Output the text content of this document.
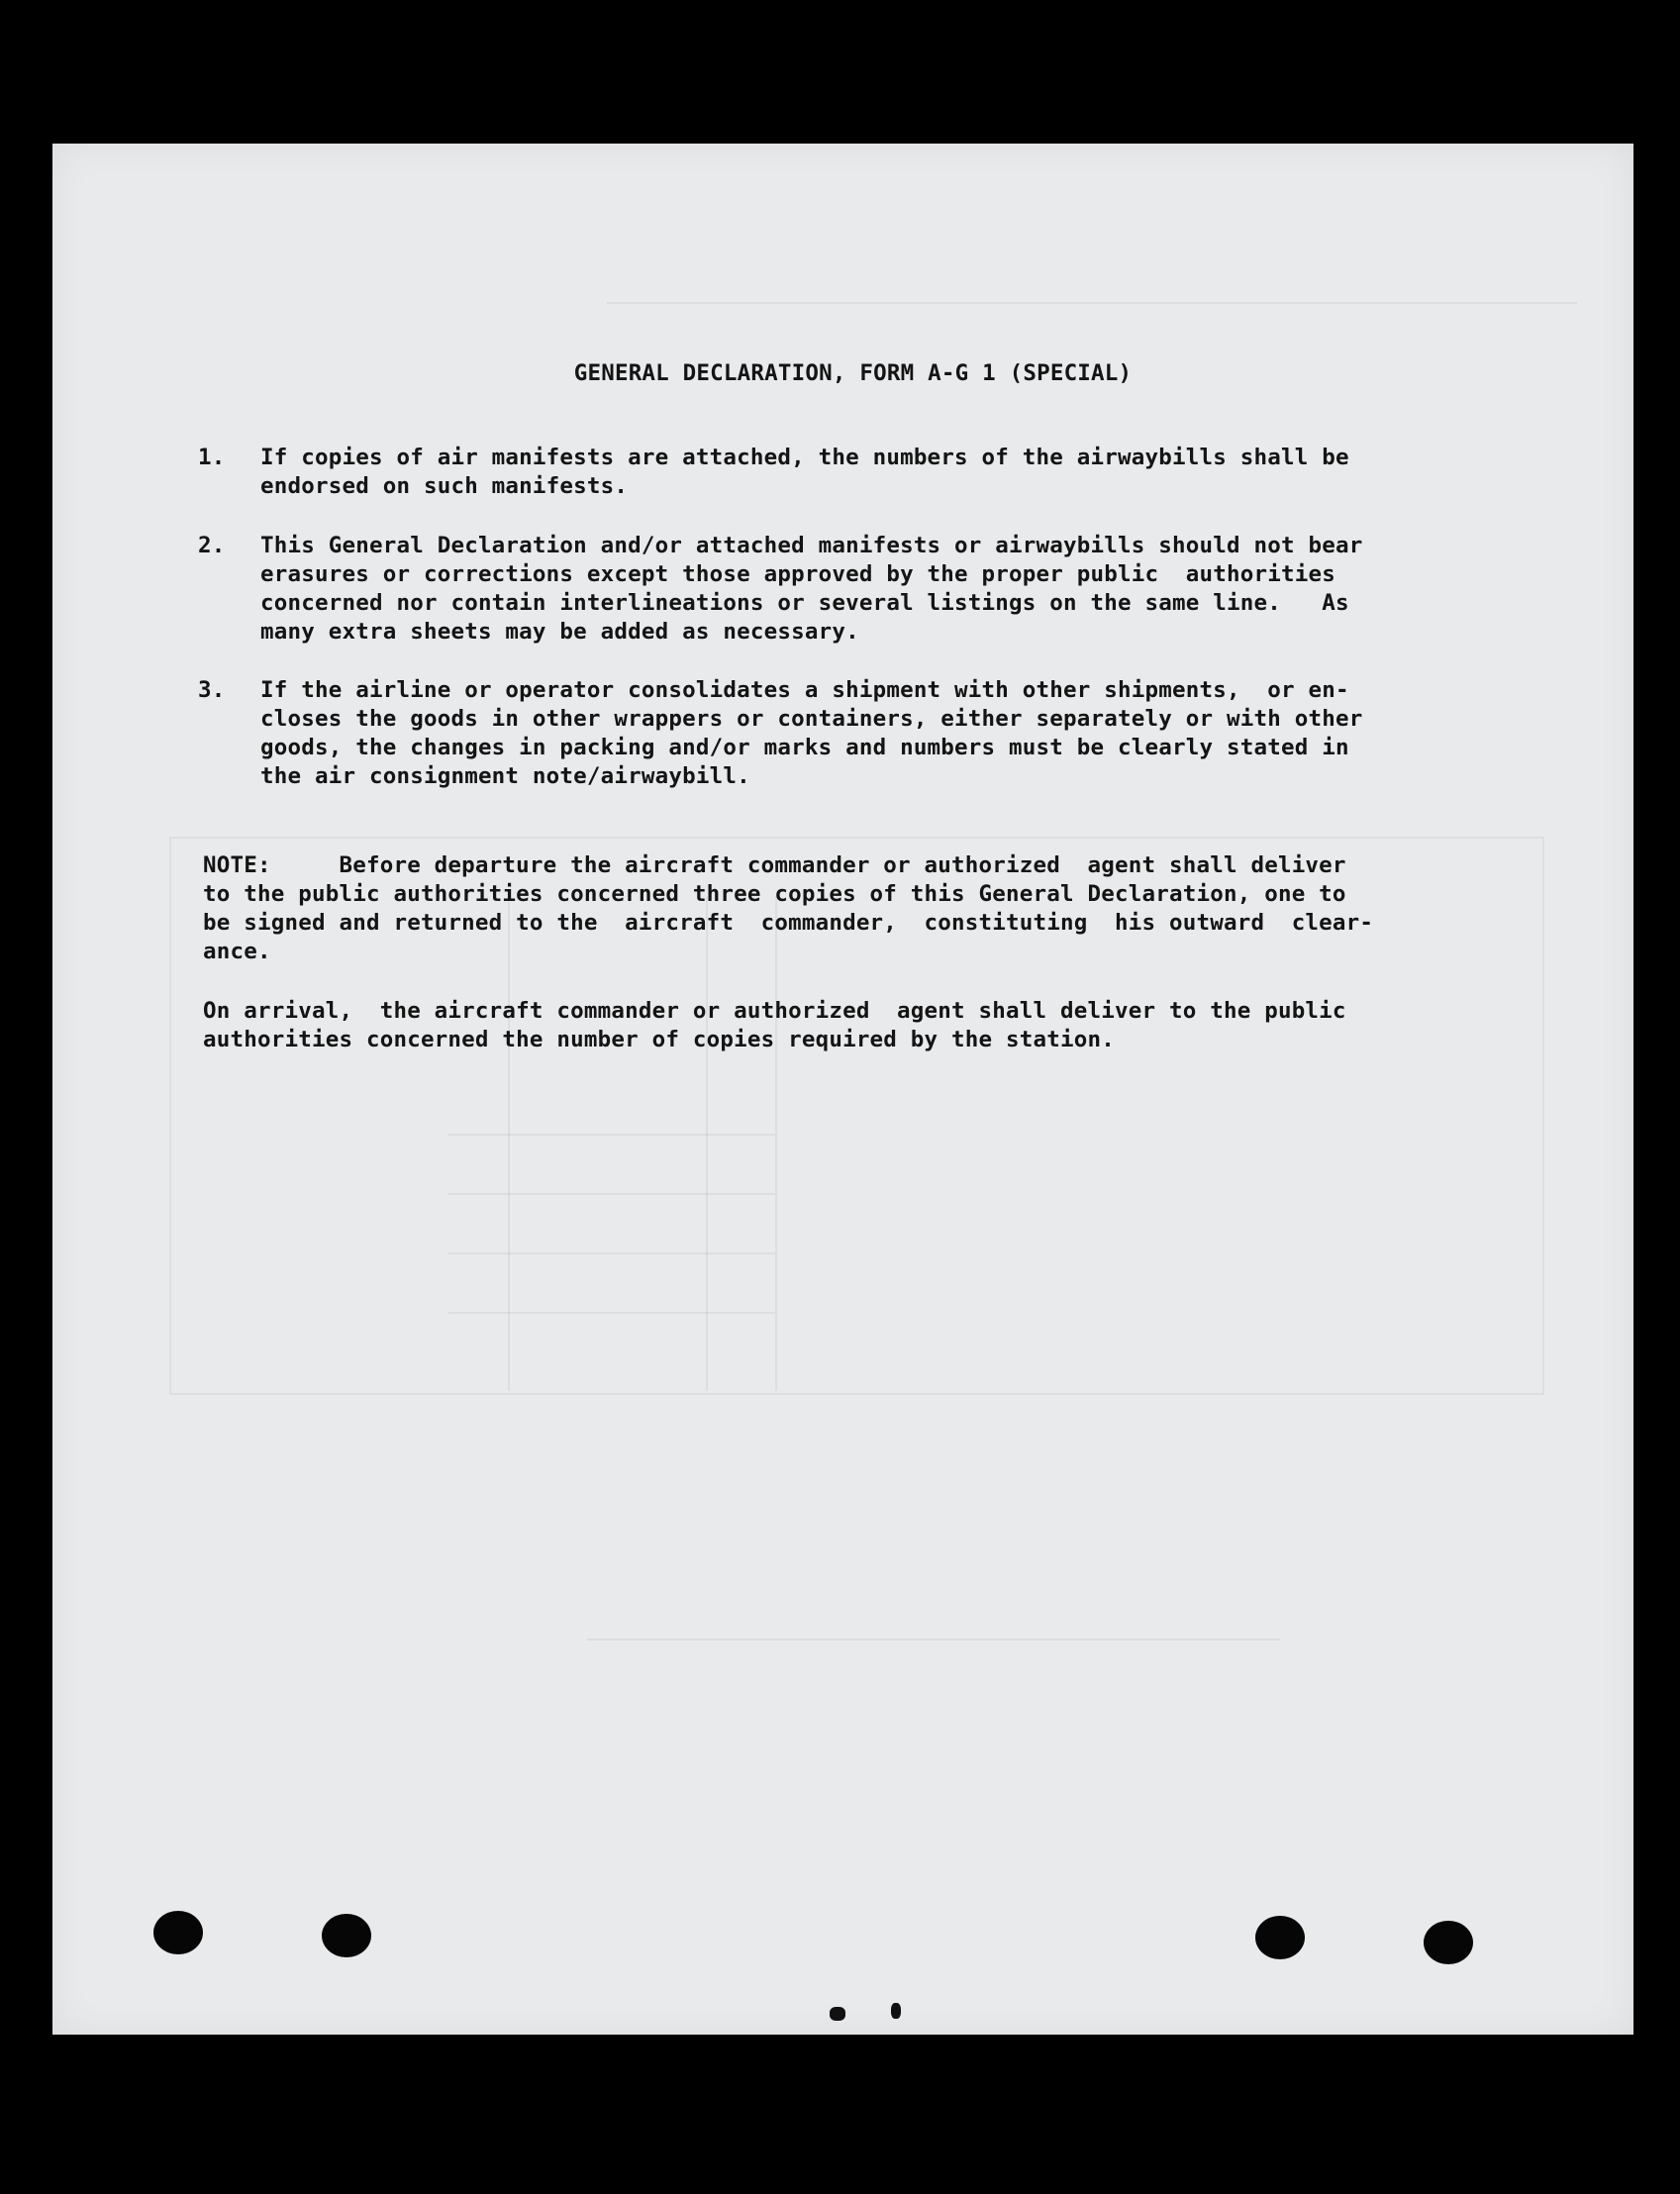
GENERAL DECLARATION, FORM A-G 1 (SPECIAL)
1. If copies of air manifests are attached, the numbers of the airwaybills shall be
endorsed on such manifests.
2. This General Declaration and/or attached manifests or airwaybills should not bear
erasures or corrections except those approved by the proper public  authorities
concerned nor contain interlineations or several listings on the same line.   As
many extra sheets may be added as necessary.
3. If the airline or operator consolidates a shipment with other shipments,  or en-
closes the goods in other wrappers or containers, either separately or with other
goods, the changes in packing and/or marks and numbers must be clearly stated in
the air consignment note/airwaybill.
NOTE:     Before departure the aircraft commander or authorized  agent shall deliver
to the public authorities concerned three copies of this General Declaration, one to
be signed and returned to the  aircraft  commander,  constituting  his outward  clear-
ance.
On arrival,  the aircraft commander or authorized  agent shall deliver to the public
authorities concerned the number of copies required by the station.
